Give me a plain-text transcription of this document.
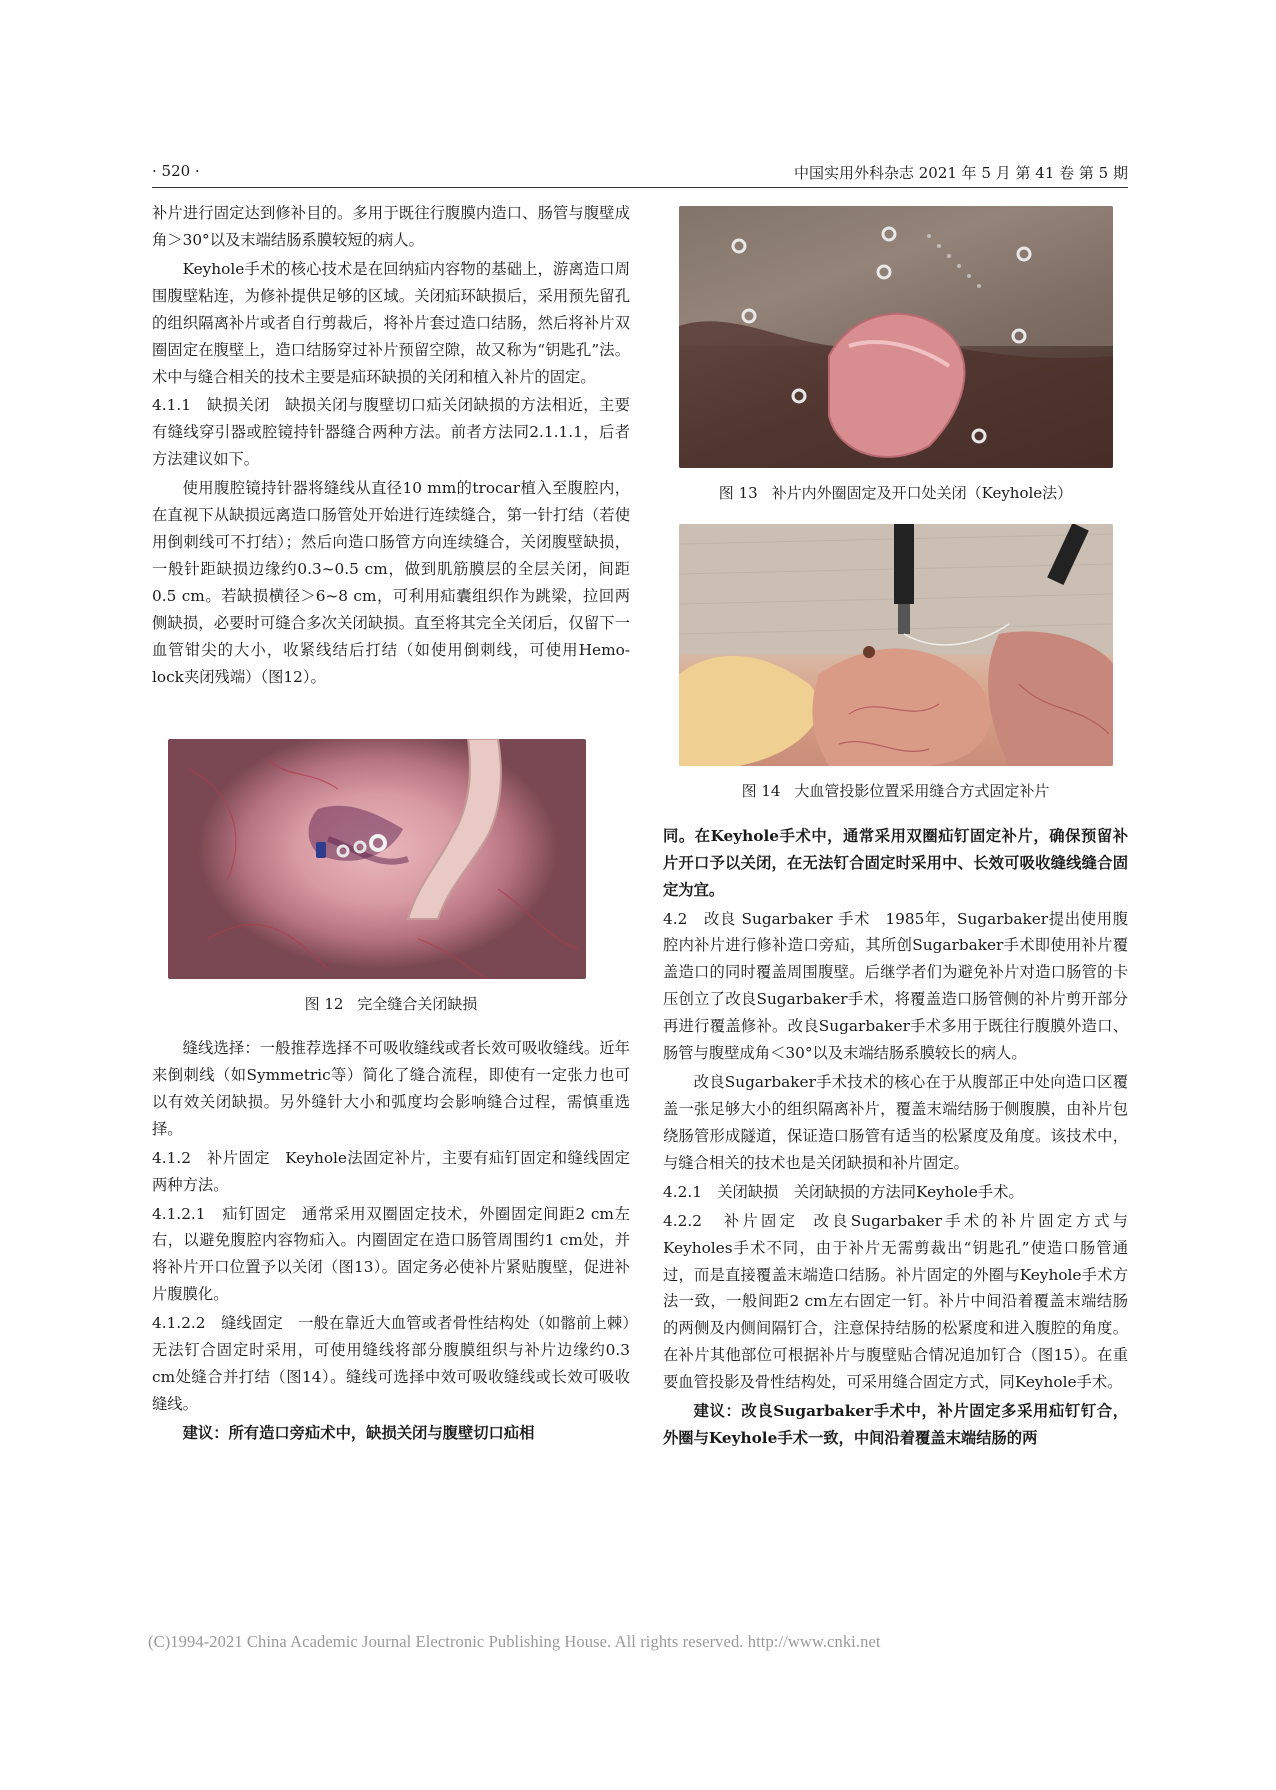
· 520 ·	中国实用外科杂志 2021 年 5 月 第 41 卷 第 5 期

补片进行固定达到修补目的。多用于既往行腹膜内造口、肠管与腹壁成角＞30°以及末端结肠系膜较短的病人。

Keyhole手术的核心技术是在回纳疝内容物的基础上，游离造口周围腹壁粘连，为修补提供足够的区域。关闭疝环缺损后，采用预先留孔的组织隔离补片或者自行剪裁后，将补片套过造口结肠，然后将补片双圈固定在腹壁上，造口结肠穿过补片预留空隙，故又称为“钥匙孔”法。术中与缝合相关的技术主要是疝环缺损的关闭和植入补片的固定。

4.1.1　缺损关闭 缺损关闭与腹壁切口疝关闭缺损的方法相近，主要有缝线穿引器或腔镜持针器缝合两种方法。前者方法同2.1.1.1，后者方法建议如下。

使用腹腔镜持针器将缝线从直径10 mm的trocar植入至腹腔内，在直视下从缺损远离造口肠管处开始进行连续缝合，第一针打结（若使用倒刺线可不打结）；然后向造口肠管方向连续缝合，关闭腹壁缺损，一般针距缺损边缘约0.3~0.5 cm，做到肌筋膜层的全层关闭，间距0.5 cm。若缺损横径＞6~8 cm，可利用疝囊组织作为跳梁，拉回两侧缺损，必要时可缝合多次关闭缺损。直至将其完全关闭后，仅留下一血管钳尖的大小，收紧线结后打结（如使用倒刺线，可使用Hemo-lock夹闭残端）（图12）。

图 12 完全缝合关闭缺损

缝线选择：一般推荐选择不可吸收缝线或者长效可吸收缝线。近年来倒刺线（如Symmetric等）简化了缝合流程，即使有一定张力也可以有效关闭缺损。另外缝针大小和弧度均会影响缝合过程，需慎重选择。

4.1.2　补片固定 Keyhole法固定补片，主要有疝钉固定和缝线固定两种方法。

4.1.2.1　疝钉固定 通常采用双圈固定技术，外圈固定间距2 cm左右，以避免腹腔内容物疝入。内圈固定在造口肠管周围约1 cm处，并将补片开口位置予以关闭（图13）。固定务必使补片紧贴腹壁，促进补片腹膜化。

4.1.2.2　缝线固定 一般在靠近大血管或者骨性结构处（如髂前上棘）无法钉合固定时采用，可使用缝线将部分腹膜组织与补片边缘约0.3 cm处缝合并打结（图14）。缝线可选择中效可吸收缝线或长效可吸收缝线。

建议：所有造口旁疝术中，缺损关闭与腹壁切口疝相

图 13 补片内外圈固定及开口处关闭（Keyhole法）
图 14 大血管投影位置采用缝合方式固定补片

同。在Keyhole手术中，通常采用双圈疝钉固定补片，确保预留补片开口予以关闭，在无法钉合固定时采用中、长效可吸收缝线缝合固定为宜。

4.2　改良 Sugarbaker 手术 1985年，Sugarbaker提出使用腹腔内补片进行修补造口旁疝，其所创Sugarbaker手术即使用补片覆盖造口的同时覆盖周围腹壁。后继学者们为避免补片对造口肠管的卡压创立了改良Sugarbaker手术，将覆盖造口肠管侧的补片剪开部分再进行覆盖修补。改良Sugarbaker手术多用于既往行腹膜外造口、肠管与腹壁成角＜30°以及末端结肠系膜较长的病人。

改良Sugarbaker手术技术的核心在于从腹部正中处向造口区覆盖一张足够大小的组织隔离补片，覆盖末端结肠于侧腹膜，由补片包绕肠管形成隧道，保证造口肠管有适当的松紧度及角度。该技术中，与缝合相关的技术也是关闭缺损和补片固定。

4.2.1　关闭缺损 关闭缺损的方法同Keyhole手术。

4.2.2　补片固定 改良Sugarbaker手术的补片固定方式与Keyholes手术不同，由于补片无需剪裁出“钥匙孔”使造口肠管通过，而是直接覆盖末端造口结肠。补片固定的外圈与Keyhole手术方法一致，一般间距2 cm左右固定一钉。补片中间沿着覆盖末端结肠的两侧及内侧间隔钉合，注意保持结肠的松紧度和进入腹腔的角度。在补片其他部位可根据补片与腹壁贴合情况追加钉合（图15）。在重要血管投影及骨性结构处，可采用缝合固定方式，同Keyhole手术。

建议：改良Sugarbaker手术中，补片固定多采用疝钉钉合，外圈与Keyhole手术一致，中间沿着覆盖末端结肠的两

(C)1994-2021 China Academic Journal Electronic Publishing House. All rights reserved. http://www.cnki.net
